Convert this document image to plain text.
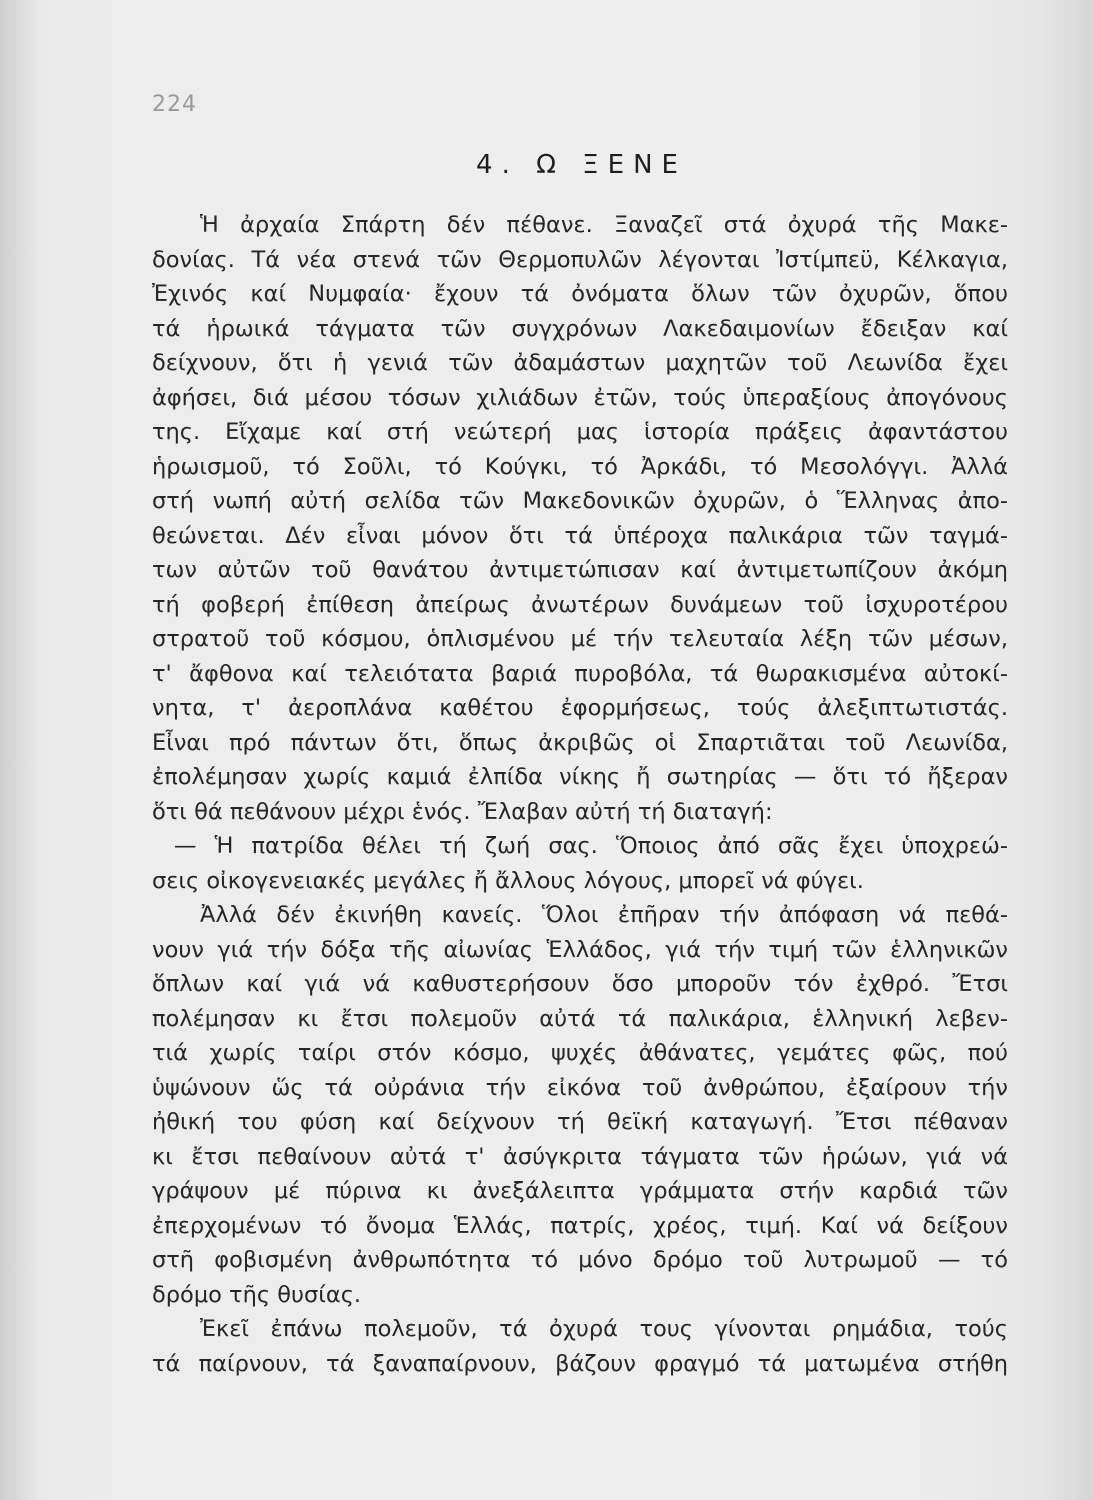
224
4. Ω ΞΕΝΕ
Ἡ ἀρχαία Σπάρτη δέν πέθανε. Ξαναζεῖ στά ὀχυρά τῆς Μακε-
δονίας. Τά νέα στενά τῶν Θερμοπυλῶν λέγονται Ἰστίμπεϋ, Κέλκαγια,
Ἐχινός καί Νυμφαία· ἔχουν τά ὀνόματα ὅλων τῶν ὀχυρῶν, ὅπου
τά ἡρωικά τάγματα τῶν συγχρόνων Λακεδαιμονίων ἔδειξαν καί
δείχνουν, ὅτι ἡ γενιά τῶν ἀδαμάστων μαχητῶν τοῦ Λεωνίδα ἔχει
ἀφήσει, διά μέσου τόσων χιλιάδων ἐτῶν, τούς ὑπεραξίους ἀπογόνους
της. Εἴχαμε καί στή νεώτερή μας ἱστορία πράξεις ἀφαντάστου
ἡρωισμοῦ, τό Σοῦλι, τό Κούγκι, τό Ἀρκάδι, τό Μεσολόγγι. Ἀλλά
στή νωπή αὐτή σελίδα τῶν Μακεδονικῶν ὀχυρῶν, ὁ Ἕλληνας ἀπο-
θεώνεται. Δέν εἶναι μόνον ὅτι τά ὑπέροχα παλικάρια τῶν ταγμά-
των αὐτῶν τοῦ θανάτου ἀντιμετώπισαν καί ἀντιμετωπίζουν ἀκόμη
τή φοβερή ἐπίθεση ἀπείρως ἀνωτέρων δυνάμεων τοῦ ἰσχυροτέρου
στρατοῦ τοῦ κόσμου, ὁπλισμένου μέ τήν τελευταία λέξη τῶν μέσων,
τ' ἄφθονα καί τελειότατα βαριά πυροβόλα, τά θωρακισμένα αὐτοκί-
νητα, τ' ἀεροπλάνα καθέτου ἐφορμήσεως, τούς ἀλεξιπτωτιστάς.
Εἶναι πρό πάντων ὅτι, ὅπως ἀκριβῶς οἱ Σπαρτιᾶται τοῦ Λεωνίδα,
ἐπολέμησαν χωρίς καμιά ἐλπίδα νίκης ἤ σωτηρίας — ὅτι τό ἤξεραν
ὅτι θά πεθάνουν μέχρι ἑνός. Ἔλαβαν αὐτή τή διαταγή:
— Ἡ πατρίδα θέλει τή ζωή σας. Ὅποιος ἀπό σᾶς ἔχει ὑποχρεώ-
σεις οἰκογενειακές μεγάλες ἤ ἄλλους λόγους, μπορεῖ νά φύγει.
Ἀλλά δέν ἐκινήθη κανείς. Ὅλοι ἐπῆραν τήν ἀπόφαση νά πεθά-
νουν γιά τήν δόξα τῆς αἰωνίας Ἑλλάδος, γιά τήν τιμή τῶν ἑλληνικῶν
ὅπλων καί γιά νά καθυστερήσουν ὅσο μποροῦν τόν ἐχθρό. Ἔτσι
πολέμησαν κι ἔτσι πολεμοῦν αὐτά τά παλικάρια, ἑλληνική λεβεν-
τιά χωρίς ταίρι στόν κόσμο, ψυχές ἀθάνατες, γεμάτες φῶς, πού
ὑψώνουν ὥς τά οὐράνια τήν εἰκόνα τοῦ ἀνθρώπου, ἐξαίρουν τήν
ἠθική του φύση καί δείχνουν τή θεϊκή καταγωγή. Ἔτσι πέθαναν
κι ἔτσι πεθαίνουν αὐτά τ' ἀσύγκριτα τάγματα τῶν ἡρώων, γιά νά
γράψουν μέ πύρινα κι ἀνεξάλειπτα γράμματα στήν καρδιά τῶν
ἐπερχομένων τό ὄνομα Ἑλλάς, πατρίς, χρέος, τιμή. Καί νά δείξουν
στῆ φοβισμένη ἀνθρωπότητα τό μόνο δρόμο τοῦ λυτρωμοῦ — τό
δρόμο τῆς θυσίας.
Ἐκεῖ ἐπάνω πολεμοῦν, τά ὀχυρά τους γίνονται ρημάδια, τούς
τά παίρνουν, τά ξαναπαίρνουν, βάζουν φραγμό τά ματωμένα στήθη
